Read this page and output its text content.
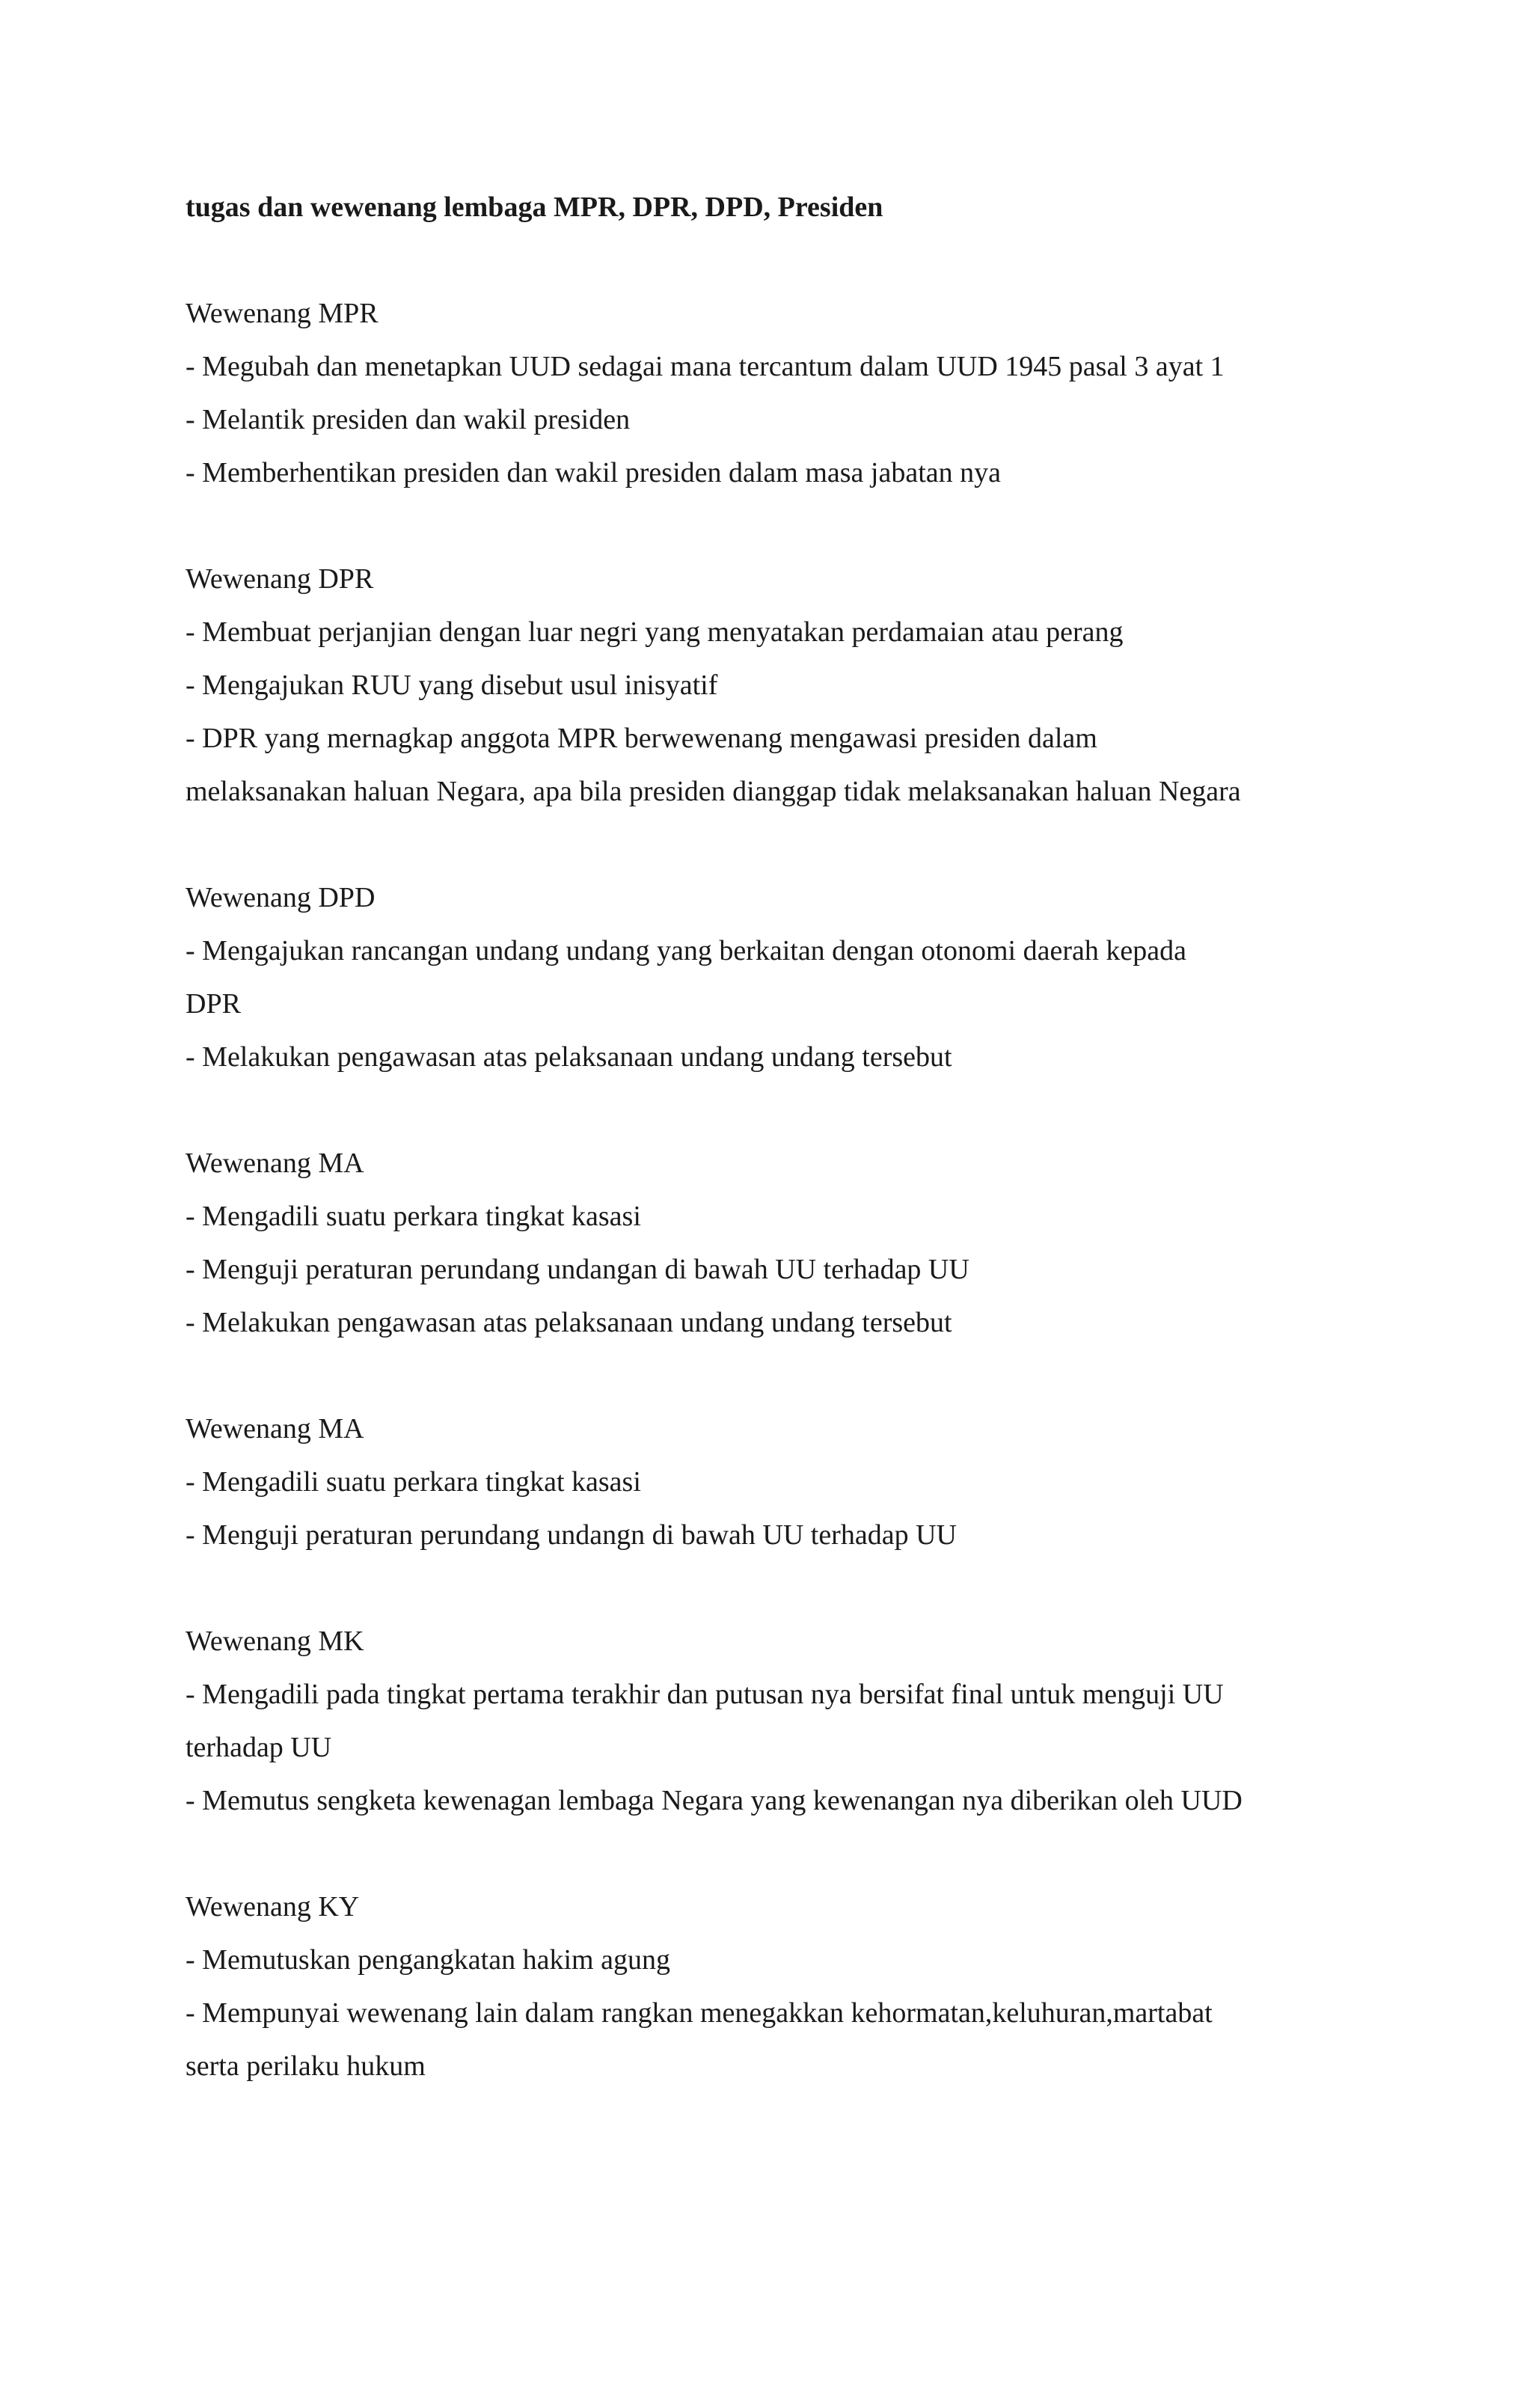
tugas dan wewenang lembaga MPR, DPR, DPD, Presiden

Wewenang MPR

- Megubah dan menetapkan UUD sedagai mana tercantum dalam UUD 1945 pasal 3 ayat 1

- Melantik presiden dan wakil presiden

- Memberhentikan presiden dan wakil presiden dalam masa jabatan nya

Wewenang DPR

- Membuat perjanjian dengan luar negri yang menyatakan perdamaian atau perang

- Mengajukan RUU yang disebut usul inisyatif

- DPR yang mernagkap anggota MPR berwewenang mengawasi presiden dalam

melaksanakan haluan Negara, apa bila presiden dianggap tidak melaksanakan haluan Negara

Wewenang DPD

- Mengajukan rancangan undang undang yang berkaitan dengan otonomi daerah kepada

DPR

- Melakukan pengawasan atas pelaksanaan undang undang tersebut

Wewenang MA

- Mengadili suatu perkara tingkat kasasi

- Menguji peraturan perundang undangan di bawah UU terhadap UU

- Melakukan pengawasan atas pelaksanaan undang undang tersebut

Wewenang MA

- Mengadili suatu perkara tingkat kasasi

- Menguji peraturan perundang undangn di bawah UU terhadap UU

Wewenang MK

- Mengadili pada tingkat pertama terakhir dan putusan nya bersifat final untuk menguji UU

terhadap UU

- Memutus sengketa kewenagan lembaga Negara yang kewenangan nya diberikan oleh UUD

Wewenang KY

- Memutuskan pengangkatan hakim agung

- Mempunyai wewenang lain dalam rangkan menegakkan kehormatan,keluhuran,martabat

serta perilaku hukum
